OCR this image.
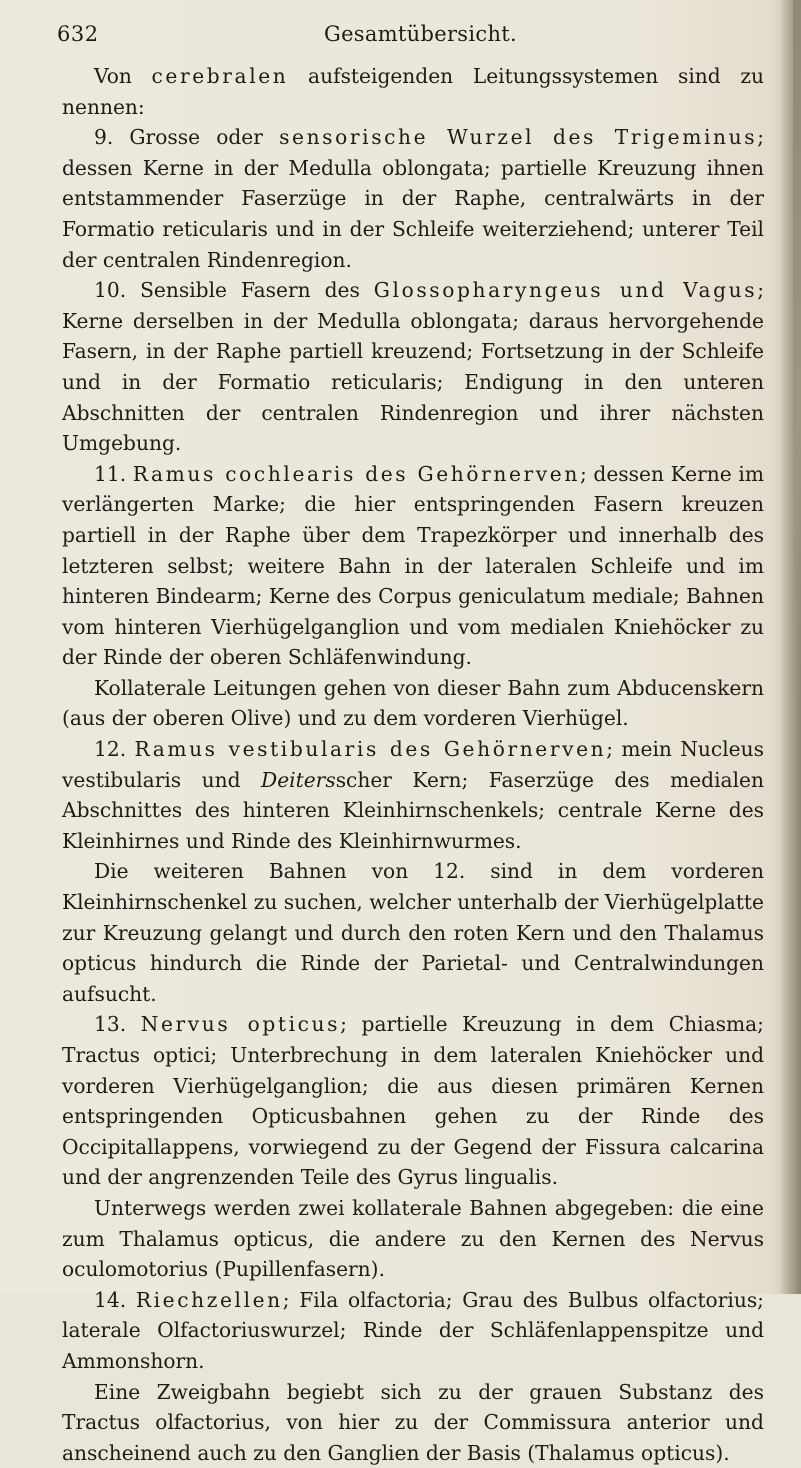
632	Gesamtübersicht.

Von cerebralen aufsteigenden Leitungssystemen sind zu nennen:

9. Grosse oder sensorische Wurzel des Trigeminus; dessen Kerne in der Medulla oblongata; partielle Kreuzung ihnen entstammender Faserzüge in der Raphe, centralwärts in der Formatio reticularis und in der Schleife weiterziehend; unterer Teil der centralen Rindenregion.

10. Sensible Fasern des Glossopharyngeus und Vagus; Kerne derselben in der Medulla oblongata; daraus hervorgehende Fasern, in der Raphe partiell kreuzend; Fortsetzung in der Schleife und in der Formatio reticularis; Endigung in den unteren Abschnitten der centralen Rindenregion und ihrer nächsten Umgebung.

11. Ramus cochlearis des Gehörnerven; dessen Kerne im verlängerten Marke; die hier entspringenden Fasern kreuzen partiell in der Raphe über dem Trapezkörper und innerhalb des letzteren selbst; weitere Bahn in der lateralen Schleife und im hinteren Bindearm; Kerne des Corpus geniculatum mediale; Bahnen vom hinteren Vierhügelganglion und vom medialen Kniehöcker zu der Rinde der oberen Schläfenwindung.

Kollaterale Leitungen gehen von dieser Bahn zum Abducenskern (aus der oberen Olive) und zu dem vorderen Vierhügel.

12. Ramus vestibularis des Gehörnerven; mein Nucleus vestibularis und Deitersscher Kern; Faserzüge des medialen Abschnittes des hinteren Kleinhirnschenkels; centrale Kerne des Kleinhirnes und Rinde des Kleinhirnwurmes.

Die weiteren Bahnen von 12. sind in dem vorderen Kleinhirnschenkel zu suchen, welcher unterhalb der Vierhügelplatte zur Kreuzung gelangt und durch den roten Kern und den Thalamus opticus hindurch die Rinde der Parietal- und Centralwindungen aufsucht.

13. Nervus opticus; partielle Kreuzung in dem Chiasma; Tractus optici; Unterbrechung in dem lateralen Kniehöcker und vorderen Vierhügelganglion; die aus diesen primären Kernen entspringenden Opticusbahnen gehen zu der Rinde des Occipitallappens, vorwiegend zu der Gegend der Fissura calcarina und der angrenzenden Teile des Gyrus lingualis.

Unterwegs werden zwei kollaterale Bahnen abgegeben: die eine zum Thalamus opticus, die andere zu den Kernen des Nervus oculomotorius (Pupillenfasern).

14. Riechzellen; Fila olfactoria; Grau des Bulbus olfactorius; laterale Olfactoriuswurzel; Rinde der Schläfenlappenspitze und Ammonshorn.

Eine Zweigbahn begiebt sich zu der grauen Substanz des Tractus olfactorius, von hier zu der Commissura anterior und anscheinend auch zu den Ganglien der Basis (Thalamus opticus).
